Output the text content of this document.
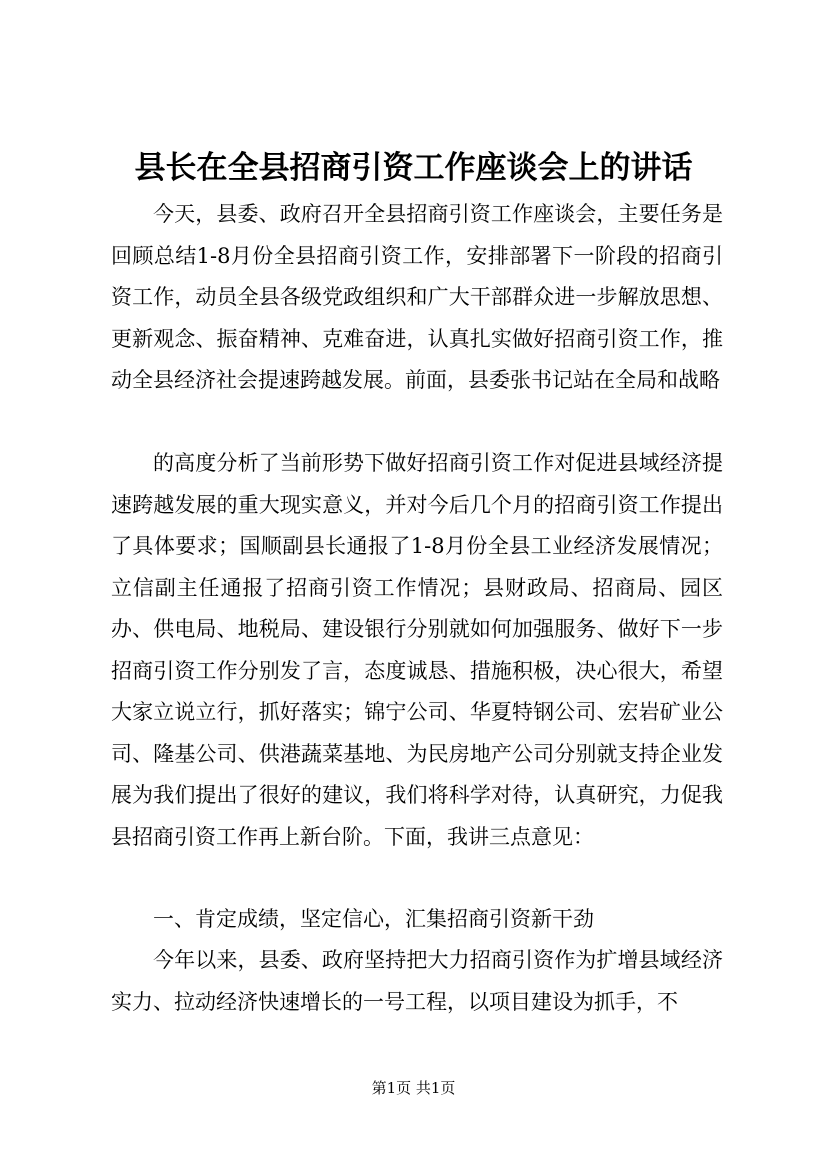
县长在全县招商引资工作座谈会上的讲话

今天，县委、政府召开全县招商引资工作座谈会，主要任务是回顾总结1-8月份全县招商引资工作，安排部署下一阶段的招商引资工作，动员全县各级党政组织和广大干部群众进一步解放思想、更新观念、振奋精神、克难奋进，认真扎实做好招商引资工作，推动全县经济社会提速跨越发展。前面，县委张书记站在全局和战略

的高度分析了当前形势下做好招商引资工作对促进县域经济提速跨越发展的重大现实意义，并对今后几个月的招商引资工作提出了具体要求；国顺副县长通报了1-8月份全县工业经济发展情况；立信副主任通报了招商引资工作情况；县财政局、招商局、园区办、供电局、地税局、建设银行分别就如何加强服务、做好下一步招商引资工作分别发了言，态度诚恳、措施积极，决心很大，希望大家立说立行，抓好落实；锦宁公司、华夏特钢公司、宏岩矿业公司、隆基公司、供港蔬菜基地、为民房地产公司分别就支持企业发展为我们提出了很好的建议，我们将科学对待，认真研究，力促我县招商引资工作再上新台阶。下面，我讲三点意见：

一、肯定成绩，坚定信心，汇集招商引资新干劲

今年以来，县委、政府坚持把大力招商引资作为扩增县域经济实力、拉动经济快速增长的一号工程，以项目建设为抓手，不

第1页 共1页
